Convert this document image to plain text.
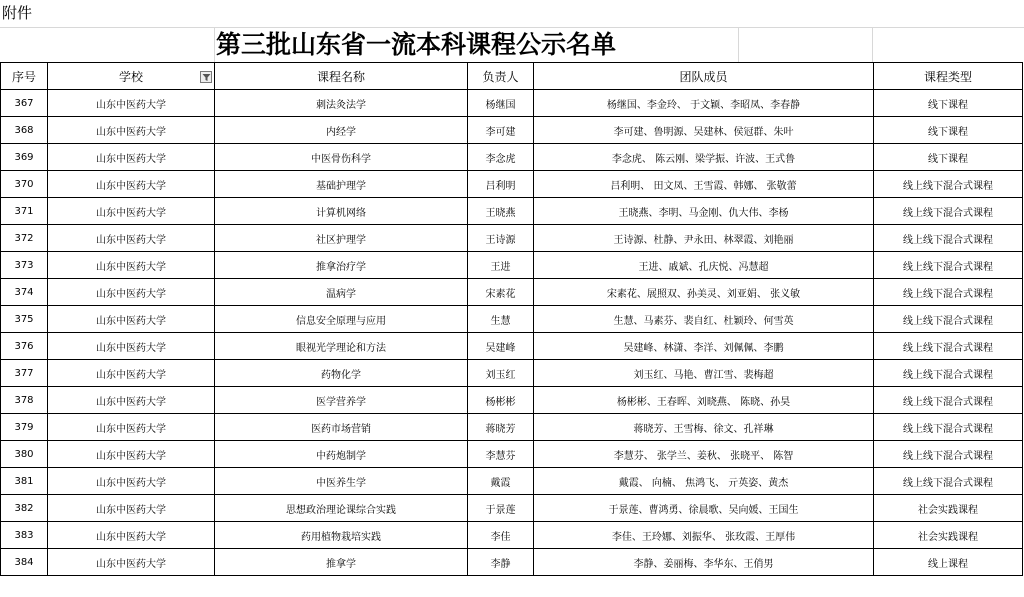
附件
第三批山东省一流本科课程公示名单
序号	学校	课程名称	负责人	团队成员	课程类型
367	山东中医药大学	刺法灸法学	杨继国	杨继国、李金玲、 于文颖、李昭凤、李春静	线下课程
368	山东中医药大学	内经学	李可建	李可建、鲁明源、吴建林、侯冠群、朱叶	线下课程
369	山东中医药大学	中医骨伤科学	李念虎	李念虎、 陈云刚、梁学振、许波、王式鲁	线下课程
370	山东中医药大学	基础护理学	吕利明	吕利明、 田文凤、王雪霞、韩娜、 张敬蕾	线上线下混合式课程
371	山东中医药大学	计算机网络	王晓燕	王晓燕、李明、马金刚、仇大伟、李杨	线上线下混合式课程
372	山东中医药大学	社区护理学	王诗源	王诗源、杜静、尹永田、林翠霞、刘艳丽	线上线下混合式课程
373	山东中医药大学	推拿治疗学	王进	王进、戚斌、孔庆悦、冯慧超	线上线下混合式课程
374	山东中医药大学	温病学	宋素花	宋素花、展照双、孙美灵、刘亚娟、 张义敏	线上线下混合式课程
375	山东中医药大学	信息安全原理与应用	生慧	生慧、马素芬、裴自红、杜颖玲、何雪英	线上线下混合式课程
376	山东中医药大学	眼视光学理论和方法	吴建峰	吴建峰、林潇、李洋、刘佩佩、李鹏	线上线下混合式课程
377	山东中医药大学	药物化学	刘玉红	刘玉红、马艳、曹江雪、裴梅超	线上线下混合式课程
378	山东中医药大学	医学营养学	杨彬彬	杨彬彬、王春晖、刘晓燕、 陈晓、孙昊	线上线下混合式课程
379	山东中医药大学	医药市场营销	蒋晓芳	蒋晓芳、王雪梅、徐文、孔祥琳	线上线下混合式课程
380	山东中医药大学	中药炮制学	李慧芬	李慧芬、 张学兰、姜秋、 张晓平、 陈智	线上线下混合式课程
381	山东中医药大学	中医养生学	戴霞	戴霞、 向楠、 焦鸿飞、 亓英姿、黄杰	线上线下混合式课程
382	山东中医药大学	思想政治理论课综合实践	于景莲	于景莲、曹鸿勇、徐晨歌、吴向媛、王国生	社会实践课程
383	山东中医药大学	药用植物栽培实践	李佳	李佳、王玲娜、刘振华、 张玫霞、王厚伟	社会实践课程
384	山东中医药大学	推拿学	李静	李静、姜丽梅、李华东、王俏男	线上课程
